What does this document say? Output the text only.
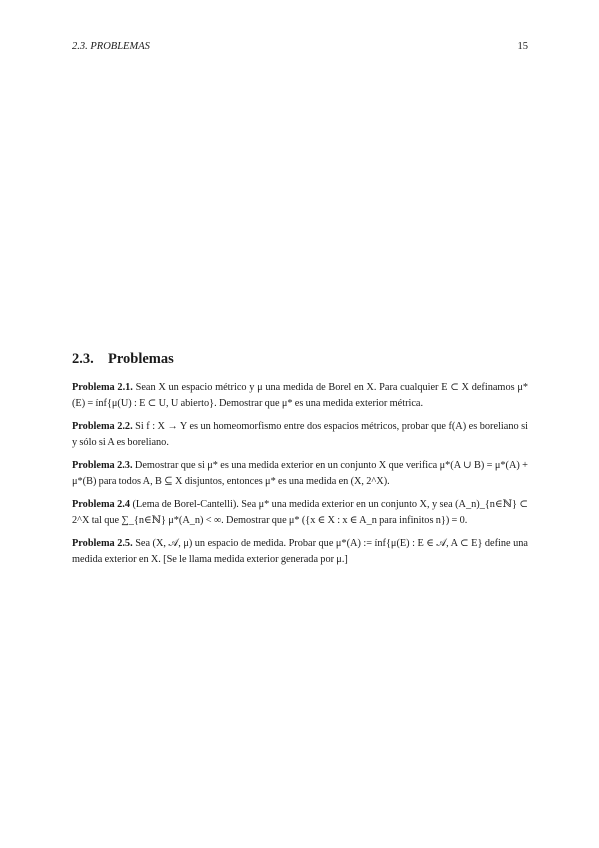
2.3. PROBLEMAS	15
2.3. Problemas

Problema 2.1. Sean X un espacio métrico y μ una medida de Borel en X. Para cualquier E ⊂ X definamos μ*(E) = ínf{μ(U) : E ⊂ U, U abierto}. Demostrar que μ* es una medida exterior métrica.

Problema 2.2. Si f : X → Y es un homeomorfismo entre dos espacios métricos, probar que f(A) es boreliano si y sólo si A es boreliano.

Problema 2.3. Demostrar que si μ* es una medida exterior en un conjunto X que verifica μ*(A ∪ B) = μ*(A) + μ*(B) para todos A, B ⊆ X disjuntos, entonces μ* es una medida en (X, 2^X).

Problema 2.4 (Lema de Borel-Cantelli). Sea μ* una medida exterior en un conjunto X, y sea (A_n)_{n∈ℕ} ⊂ 2^X tal que ∑_{n∈ℕ} μ*(A_n) < ∞. Demostrar que μ* ({x ∈ X : x ∈ A_n para infinitos n}) = 0.

Problema 2.5. Sea (X, 𝒜, μ) un espacio de medida. Probar que μ*(A) := ínf{μ(E) : E ∈ 𝒜, A ⊂ E} define una medida exterior en X. [Se le llama medida exterior generada por μ.]
